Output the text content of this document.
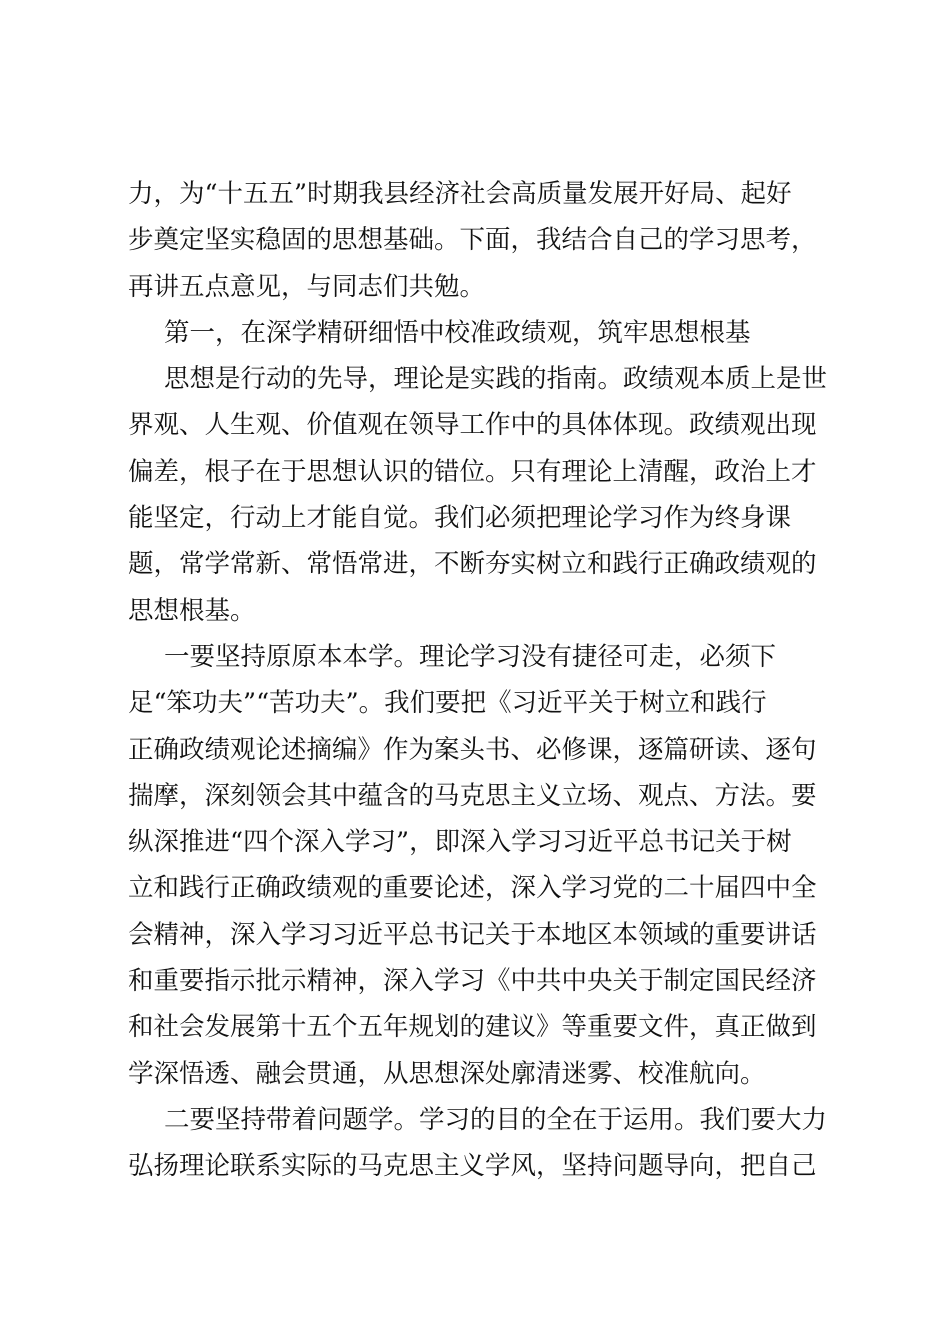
力，为“十五五”时期我县经济社会高质量发展开好局、起好
步奠定坚实稳固的思想基础。下面，我结合自己的学习思考，
再讲五点意见，与同志们共勉。
第一，在深学精研细悟中校准政绩观，筑牢思想根基
思想是行动的先导，理论是实践的指南。政绩观本质上是世
界观、人生观、价值观在领导工作中的具体体现。政绩观出现
偏差，根子在于思想认识的错位。只有理论上清醒，政治上才
能坚定，行动上才能自觉。我们必须把理论学习作为终身课
题，常学常新、常悟常进，不断夯实树立和践行正确政绩观的
思想根基。
一要坚持原原本本学。理论学习没有捷径可走，必须下
足“笨功夫”“苦功夫”。我们要把《习近平关于树立和践行
正确政绩观论述摘编》作为案头书、必修课，逐篇研读、逐句
揣摩，深刻领会其中蕴含的马克思主义立场、观点、方法。要
纵深推进“四个深入学习”，即深入学习习近平总书记关于树
立和践行正确政绩观的重要论述，深入学习党的二十届四中全
会精神，深入学习习近平总书记关于本地区本领域的重要讲话
和重要指示批示精神，深入学习《中共中央关于制定国民经济
和社会发展第十五个五年规划的建议》等重要文件，真正做到
学深悟透、融会贯通，从思想深处廓清迷雾、校准航向。
二要坚持带着问题学。学习的目的全在于运用。我们要大力
弘扬理论联系实际的马克思主义学风，坚持问题导向，把自己
